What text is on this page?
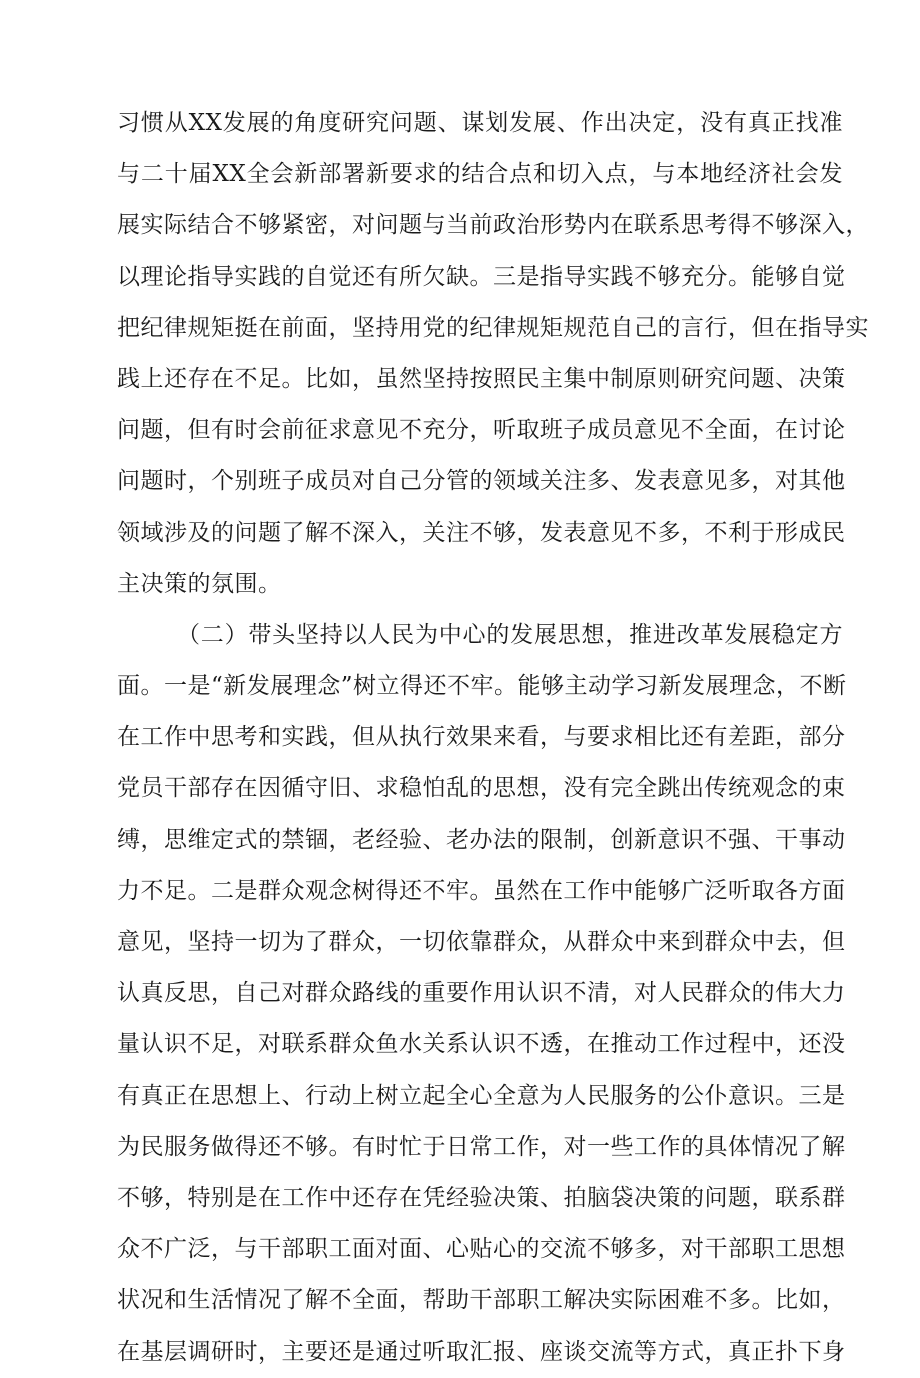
习惯从XX发展的角度研究问题、谋划发展、作出决定，没有真正找准
与二十届XX全会新部署新要求的结合点和切入点，与本地经济社会发
展实际结合不够紧密，对问题与当前政治形势内在联系思考得不够深入，
以理论指导实践的自觉还有所欠缺。三是指导实践不够充分。能够自觉
把纪律规矩挺在前面，坚持用党的纪律规矩规范自己的言行，但在指导实
践上还存在不足。比如，虽然坚持按照民主集中制原则研究问题、决策
问题，但有时会前征求意见不充分，听取班子成员意见不全面，在讨论
问题时，个别班子成员对自己分管的领域关注多、发表意见多，对其他
领域涉及的问题了解不深入，关注不够，发表意见不多，不利于形成民
主决策的氛围。
（二）带头坚持以人民为中心的发展思想，推进改革发展稳定方
面。一是“新发展理念”树立得还不牢。能够主动学习新发展理念，不断
在工作中思考和实践，但从执行效果来看，与要求相比还有差距，部分
党员干部存在因循守旧、求稳怕乱的思想，没有完全跳出传统观念的束
缚，思维定式的禁锢，老经验、老办法的限制，创新意识不强、干事动
力不足。二是群众观念树得还不牢。虽然在工作中能够广泛听取各方面
意见，坚持一切为了群众，一切依靠群众，从群众中来到群众中去，但
认真反思，自己对群众路线的重要作用认识不清，对人民群众的伟大力
量认识不足，对联系群众鱼水关系认识不透，在推动工作过程中，还没
有真正在思想上、行动上树立起全心全意为人民服务的公仆意识。三是
为民服务做得还不够。有时忙于日常工作，对一些工作的具体情况了解
不够，特别是在工作中还存在凭经验决策、拍脑袋决策的问题，联系群
众不广泛，与干部职工面对面、心贴心的交流不够多，对干部职工思想
状况和生活情况了解不全面，帮助干部职工解决实际困难不多。比如，
在基层调研时，主要还是通过听取汇报、座谈交流等方式，真正扑下身
